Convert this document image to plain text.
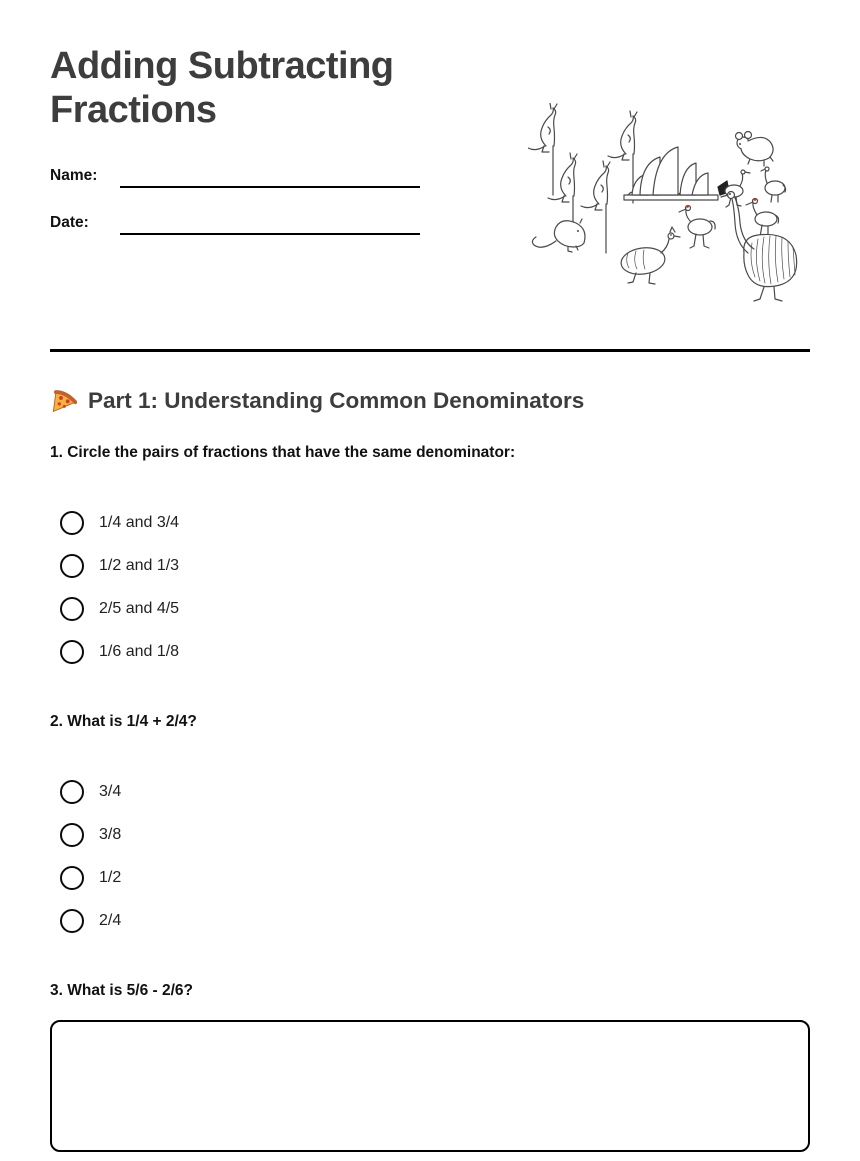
Adding Subtracting Fractions
Name:
Date:
Part 1: Understanding Common Denominators
1. Circle the pairs of fractions that have the same denominator:
1/4 and 3/4
1/2 and 1/3
2/5 and 4/5
1/6 and 1/8
2. What is 1/4 + 2/4?
3/4
3/8
1/2
2/4
3. What is 5/6 - 2/6?
